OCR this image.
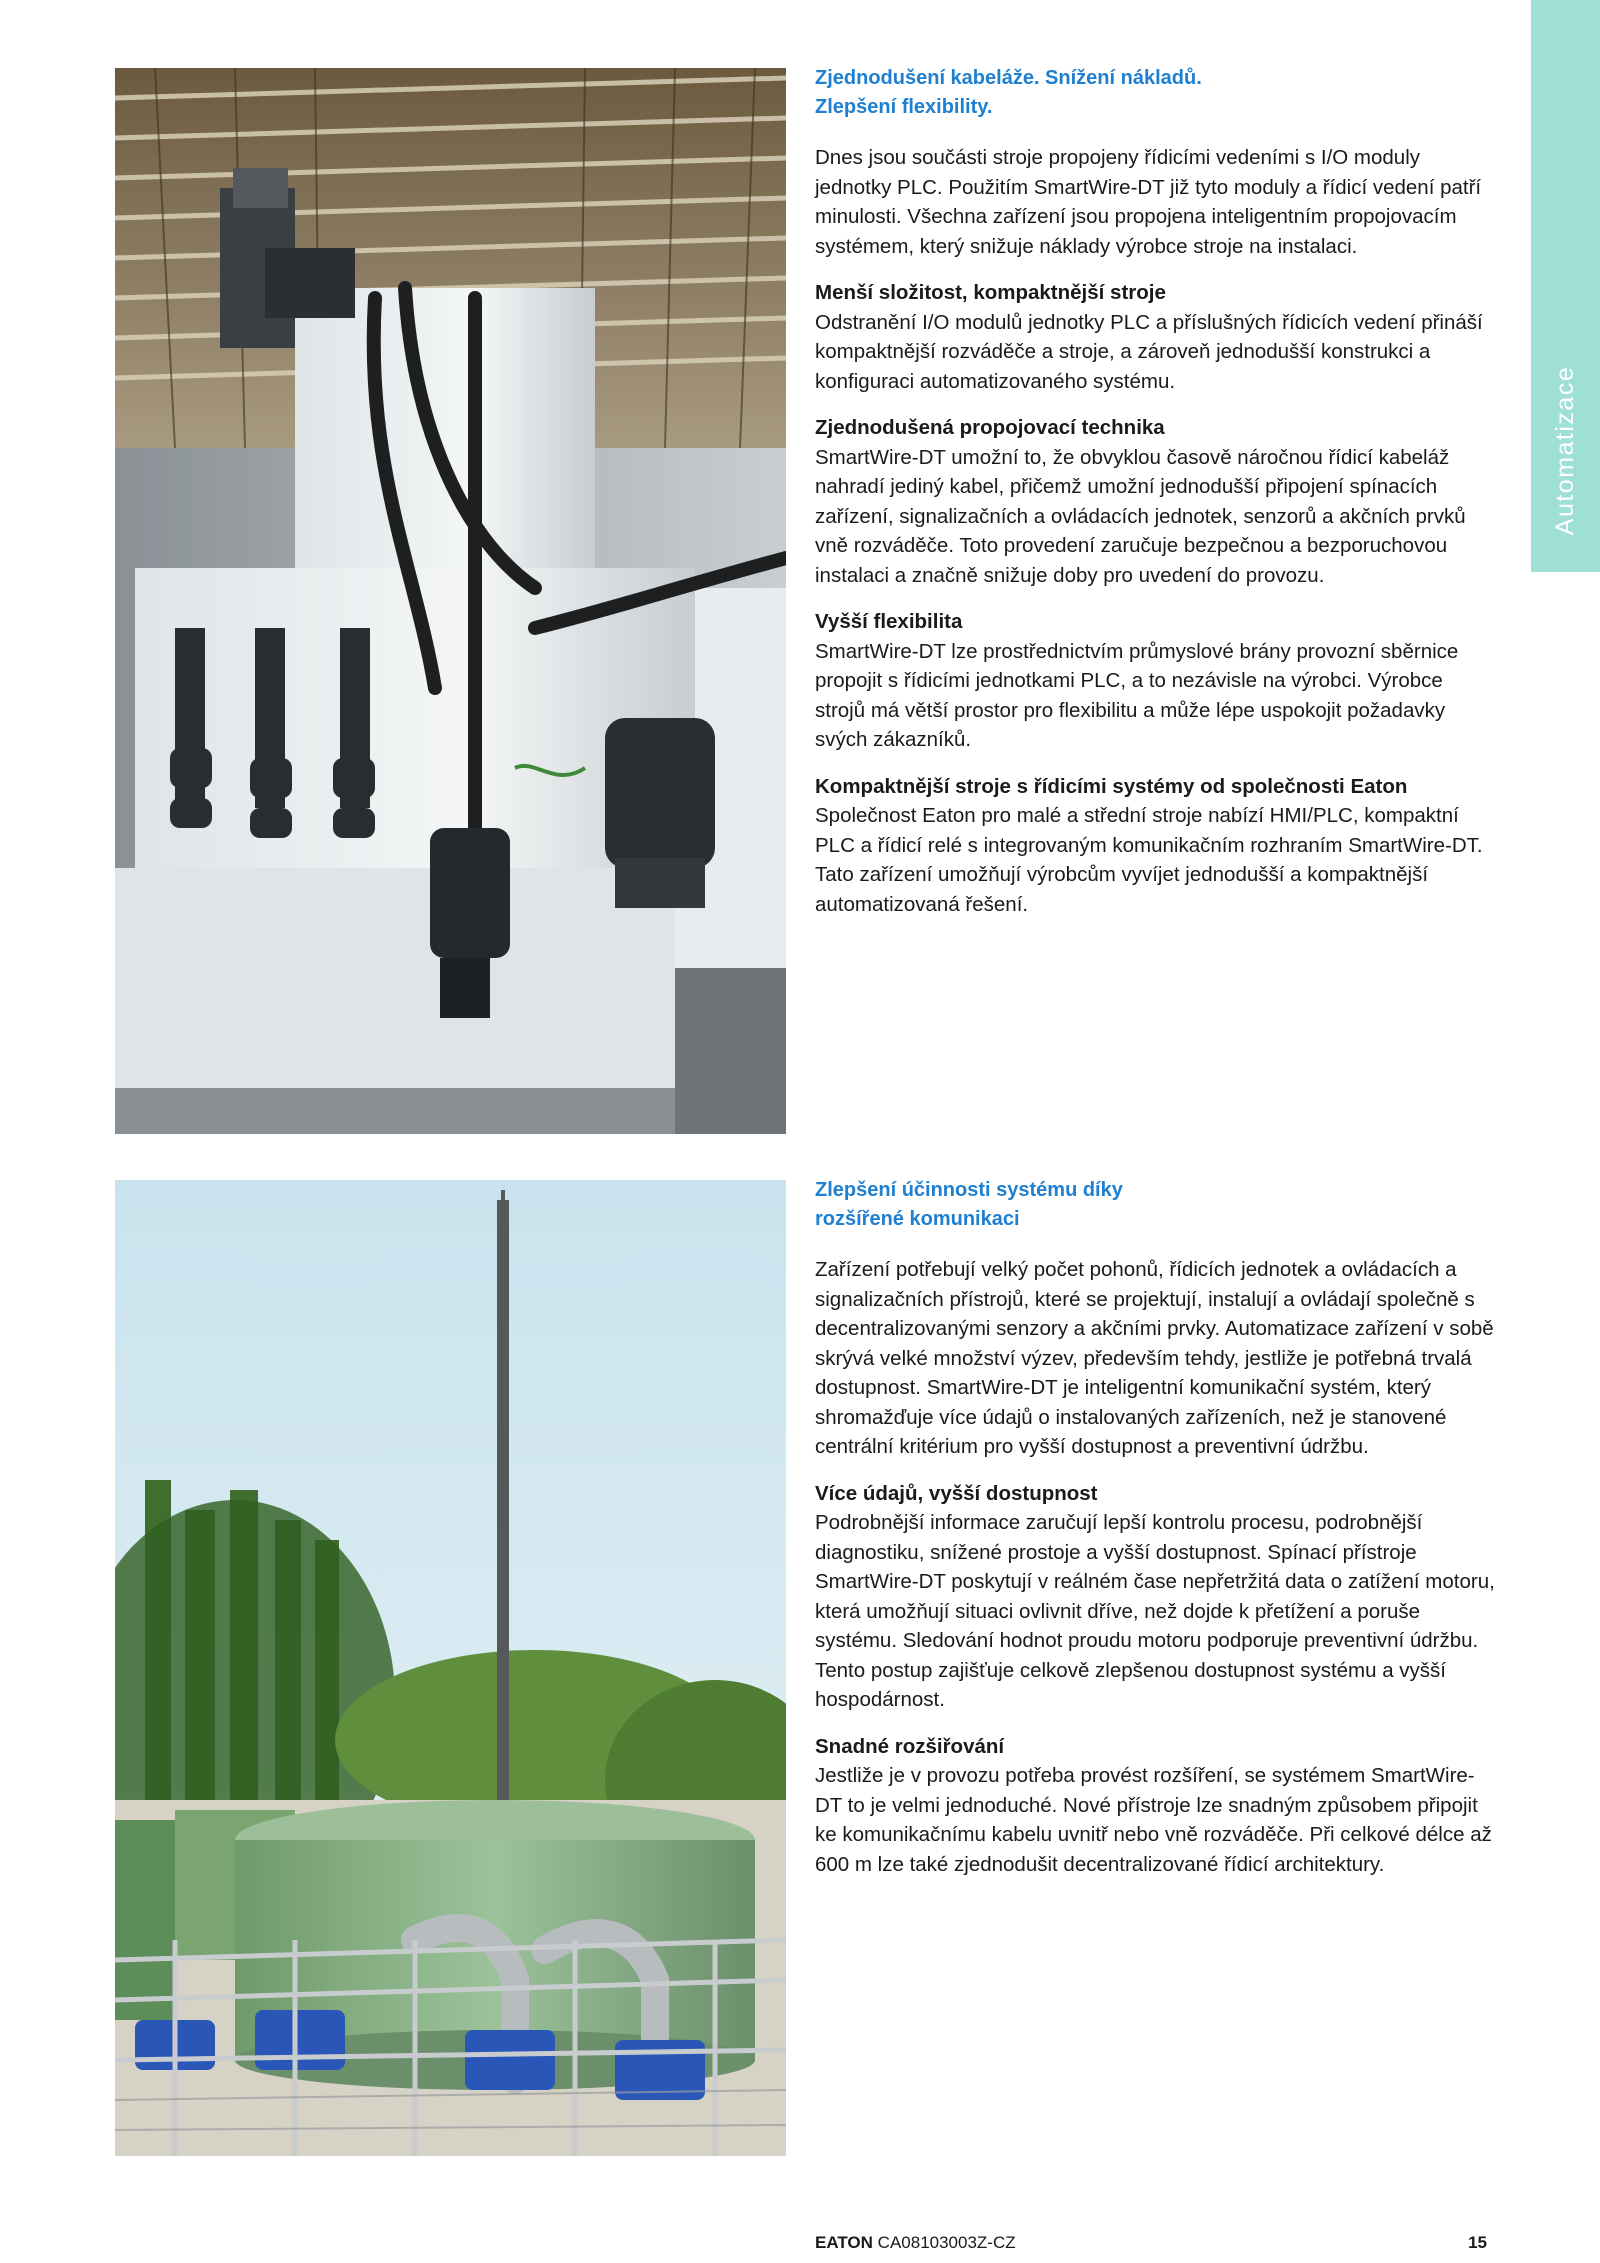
Automatizace

Zjednodušení kabeláže. Snížení nákladů.
Zlepšení flexibility.

Dnes jsou součásti stroje propojeny řídicími vedeními s I/O moduly jednotky PLC. Použitím SmartWire-DT již tyto moduly a řídicí vedení patří minulosti. Všechna zařízení jsou propojena inteligentním propojovacím systémem, který snižuje náklady výrobce stroje na instalaci.

Menší složitost, kompaktnější stroje

Odstranění I/O modulů jednotky PLC a příslušných řídicích vedení přináší kompaktnější rozváděče a stroje, a zároveň jednodušší konstrukci a konfiguraci automatizovaného systému.

Zjednodušená propojovací technika

SmartWire-DT umožní to, že obvyklou časově náročnou řídicí kabeláž nahradí jediný kabel, přičemž umožní jednodušší připojení spínacích zařízení, signalizačních a ovládacích jednotek, senzorů a akčních prvků vně rozváděče. Toto provedení zaručuje bezpečnou a bezporuchovou instalaci a značně snižuje doby pro uvedení do provozu.

Vyšší flexibilita

SmartWire-DT lze prostřednictvím průmyslové brány provozní sběrnice propojit s řídicími jednotkami PLC, a to nezávisle na výrobci. Výrobce strojů má větší prostor pro flexibilitu a může lépe uspokojit požadavky svých zákazníků.

Kompaktnější stroje s řídicími systémy od společnosti Eaton

Společnost Eaton pro malé a střední stroje nabízí HMI/PLC, kompaktní PLC a řídicí relé s integrovaným komunikačním rozhraním SmartWire-DT. Tato zařízení umožňují výrobcům vyvíjet jednodušší a kompaktnější automatizovaná řešení.

Zlepšení účinnosti systému díky
rozšířené komunikaci

Zařízení potřebují velký počet pohonů, řídicích jednotek a ovládacích a signalizačních přístrojů, které se projektují, instalují a ovládají společně s decentralizovanými senzory a akčními prvky. Automatizace zařízení v sobě skrývá velké množství výzev, především tehdy, jestliže je potřebná trvalá dostupnost. SmartWire-DT je inteligentní komunikační systém, který shromažďuje více údajů o instalovaných zařízeních, než je stanovené centrální kritérium pro vyšší dostupnost a preventivní údržbu.

Více údajů, vyšší dostupnost

Podrobnější informace zaručují lepší kontrolu procesu, podrobnější diagnostiku, snížené prostoje a vyšší dostupnost. Spínací přístroje SmartWire-DT poskytují v reálném čase nepřetržitá data o zatížení motoru, která umožňují situaci ovlivnit dříve, než dojde k přetížení a poruše systému. Sledování hodnot proudu motoru podporuje preventivní údržbu. Tento postup zajišťuje celkově zlepšenou dostupnost systému a vyšší hospodárnost.

Snadné rozšiřování

Jestliže je v provozu potřeba provést rozšíření, se systémem SmartWire-DT to je velmi jednoduché. Nové přístroje lze snadným způsobem připojit ke komunikačnímu kabelu uvnitř nebo vně rozváděče. Při celkové délce až 600 m lze také zjednodušit decentralizované řídicí architektury.

EATON CA08103003Z-CZ	15
